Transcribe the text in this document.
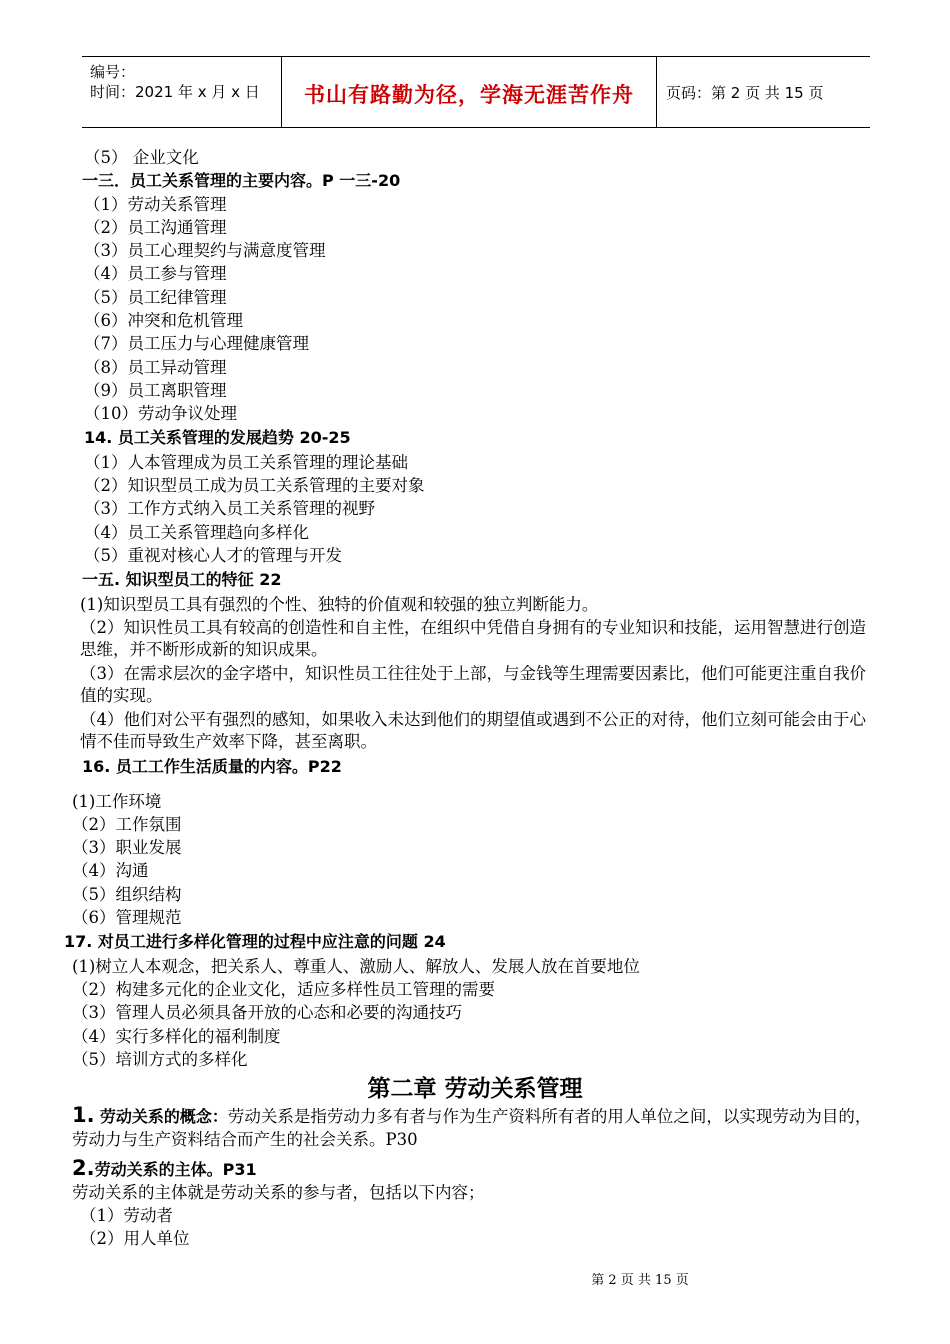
编号：
时间：2021 年 x 月 x 日	书山有路勤为径，学海无涯苦作舟	页码：第 2 页 共 15 页
（5） 企业文化
一三．员工关系管理的主要内容。P 一三-20
（1）劳动关系管理
（2）员工沟通管理
（3）员工心理契约与满意度管理
（4）员工参与管理
（5）员工纪律管理
（6）冲突和危机管理
（7）员工压力与心理健康管理
（8）员工异动管理
（9）员工离职管理
（10）劳动争议处理
14. 员工关系管理的发展趋势 20-25
（1）人本管理成为员工关系管理的理论基础
（2）知识型员工成为员工关系管理的主要对象
（3）工作方式纳入员工关系管理的视野
（4）员工关系管理趋向多样化
（5）重视对核心人才的管理与开发
一五. 知识型员工的特征 22
(1)知识型员工具有强烈的个性、独特的价值观和较强的独立判断能力。
（2）知识性员工具有较高的创造性和自主性，在组织中凭借自身拥有的专业知识和技能，运用智慧进行创造思维，并不断形成新的知识成果。
（3）在需求层次的金字塔中，知识性员工往往处于上部，与金钱等生理需要因素比，他们可能更注重自我价值的实现。
（4）他们对公平有强烈的感知，如果收入未达到他们的期望值或遇到不公正的对待，他们立刻可能会由于心情不佳而导致生产效率下降，甚至离职。
16. 员工工作生活质量的内容。P22
(1)工作环境
（2）工作氛围
（3）职业发展
（4）沟通
（5）组织结构
（6）管理规范
17. 对员工进行多样化管理的过程中应注意的问题 24
(1)树立人本观念，把关系人、尊重人、激励人、解放人、发展人放在首要地位
（2）构建多元化的企业文化，适应多样性员工管理的需要
（3）管理人员必须具备开放的心态和必要的沟通技巧
（4）实行多样化的福利制度
（5）培训方式的多样化
第二章 劳动关系管理
1. 劳动关系的概念：劳动关系是指劳动力多有者与作为生产资料所有者的用人单位之间，以实现劳动为目的，劳动力与生产资料结合而产生的社会关系。P30
2.劳动关系的主体。P31
劳动关系的主体就是劳动关系的参与者，包括以下内容；
（1）劳动者
（2）用人单位
第 2 页 共 15 页
